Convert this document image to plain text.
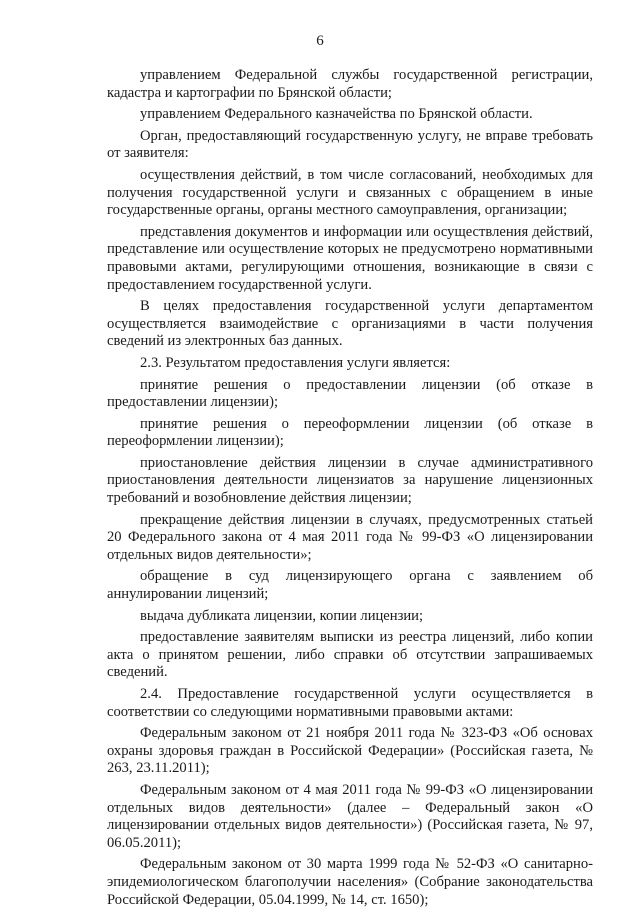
6

управлением Федеральной службы государственной регистрации, кадастра и картографии по Брянской области;

управлением Федерального казначейства по Брянской области.

Орган, предоставляющий государственную услугу, не вправе требовать от заявителя:

осуществления действий, в том числе согласований, необходимых для получения государственной услуги и связанных с обращением в иные государственные органы, органы местного самоуправления, организации;

представления документов и информации или осуществления действий, представление или осуществление которых не предусмотрено нормативными правовыми актами, регулирующими отношения, возникающие в связи с предоставлением государственной услуги.

В целях предоставления государственной услуги департаментом осуществляется взаимодействие с организациями в части получения сведений из электронных баз данных.

2.3. Результатом предоставления услуги является:

принятие решения о предоставлении лицензии (об отказе в предоставлении лицензии);

принятие решения о переоформлении лицензии (об отказе в переоформлении лицензии);

приостановление действия лицензии в случае административного приостановления деятельности лицензиатов за нарушение лицензионных требований и возобновление действия лицензии;

прекращение действия лицензии в случаях, предусмотренных статьей 20 Федерального закона от 4 мая 2011 года № 99-ФЗ «О лицензировании отдельных видов деятельности»;

обращение в суд лицензирующего органа с заявлением об аннулировании лицензий;

выдача дубликата лицензии, копии лицензии;

предоставление заявителям выписки из реестра лицензий, либо копии акта о принятом решении, либо справки об отсутствии запрашиваемых сведений.

2.4. Предоставление государственной услуги осуществляется в соответствии со следующими нормативными правовыми актами:

Федеральным законом от 21 ноября 2011 года № 323-ФЗ «Об основах охраны здоровья граждан в Российской Федерации» (Российская газета, № 263, 23.11.2011);

Федеральным законом от 4 мая 2011 года № 99-ФЗ «О лицензировании отдельных видов деятельности» (далее – Федеральный закон «О лицензировании отдельных видов деятельности») (Российская газета, № 97, 06.05.2011);

Федеральным законом от 30 марта 1999 года № 52-ФЗ «О санитарно-эпидемиологическом благополучии населения» (Собрание законодательства Российской Федерации, 05.04.1999, № 14, ст. 1650);
